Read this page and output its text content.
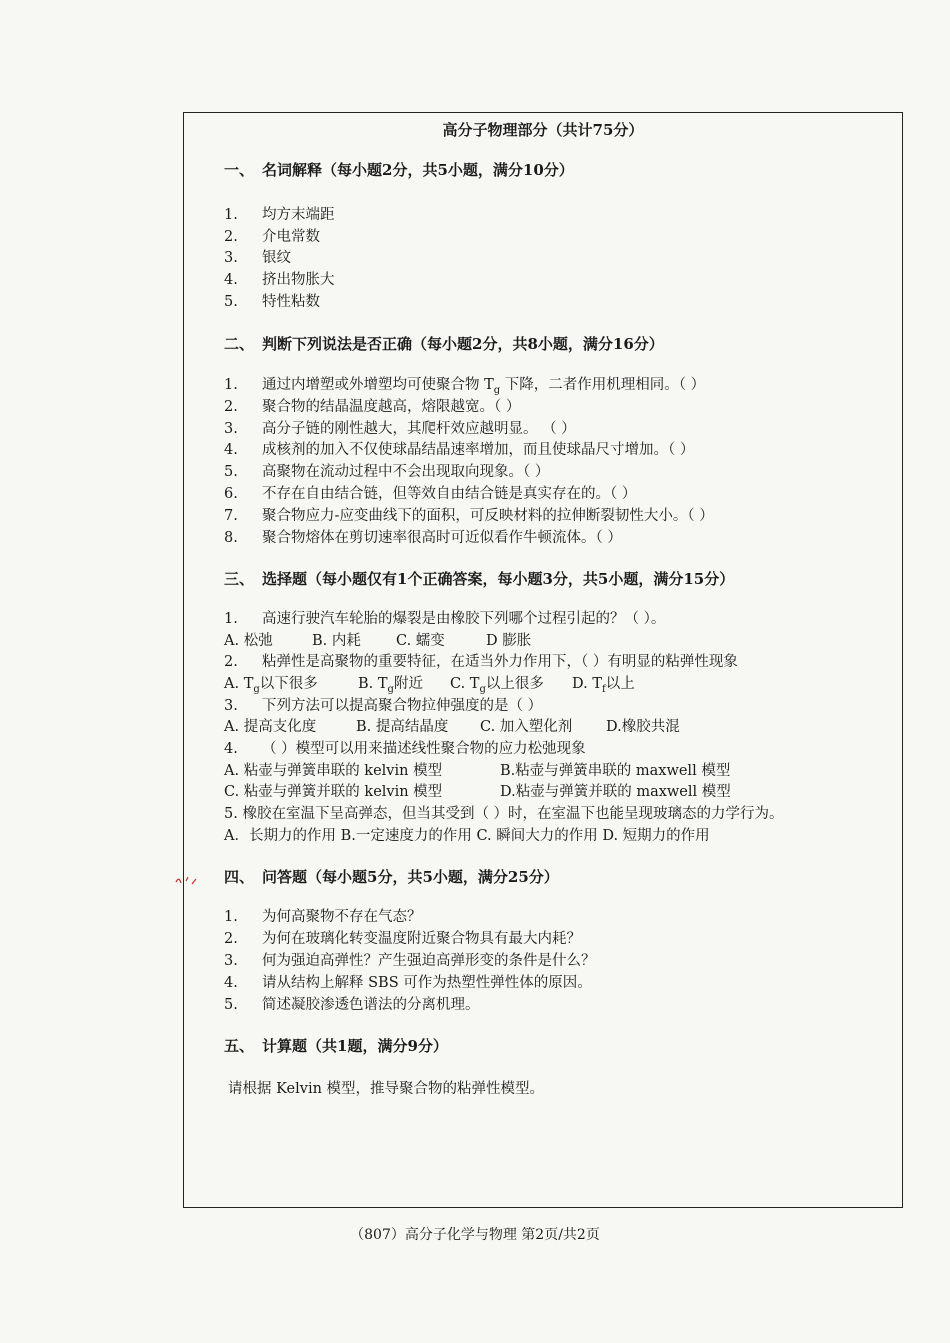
高分子物理部分（共计75分）
一、 名词解释（每小题2分，共5小题，满分10分）
1. 均方末端距
2. 介电常数
3. 银纹
4. 挤出物胀大
5. 特性粘数
二、 判断下列说法是否正确（每小题2分，共8小题，满分16分）
1. 通过内增塑或外增塑均可使聚合物 $T_g$ 下降，二者作用机理相同。（ ）
2. 聚合物的结晶温度越高，熔限越宽。（ ）
3. 高分子链的刚性越大，其爬杆效应越明显。 （ ）
4. 成核剂的加入不仅使球晶结晶速率增加，而且使球晶尺寸增加。（ ）
5. 高聚物在流动过程中不会出现取向现象。（ ）
6. 不存在自由结合链，但等效自由结合链是真实存在的。（ ）
7. 聚合物应力-应变曲线下的面积，可反映材料的拉伸断裂韧性大小。（ ）
8. 聚合物熔体在剪切速率很高时可近似看作牛顿流体。（ ）
三、 选择题（每小题仅有1个正确答案，每小题3分，共5小题，满分15分）
1. 高速行驶汽车轮胎的爆裂是由橡胶下列哪个过程引起的？（ ）。
A. 松弛	B. 内耗 C. 蠕变	D 膨胀
2. 粘弹性是高聚物的重要特征，在适当外力作用下，（ ）有明显的粘弹性现象
A. $T_g$以下很多	B. $T_g$附近 C. $T_g$以上很多 D. $T_f$以上
3. 下列方法可以提高聚合物拉伸强度的是（ ）
A. 提高支化度	B. 提高结晶度 C. 加入塑化剂 D.橡胶共混
4. （ ）模型可以用来描述线性聚合物的应力松弛现象
A. 粘壶与弹簧串联的 kelvin 模型	B.粘壶与弹簧串联的 maxwell 模型
C. 粘壶与弹簧并联的 kelvin 模型	D.粘壶与弹簧并联的 maxwell 模型
5. 橡胶在室温下呈高弹态，但当其受到（ ）时，在室温下也能呈现玻璃态的力学行为。
A．长期力的作用 B.一定速度力的作用 C. 瞬间大力的作用 D. 短期力的作用
四、 问答题（每小题5分，共5小题，满分25分）
1. 为何高聚物不存在气态？
2. 为何在玻璃化转变温度附近聚合物具有最大内耗？
3. 何为强迫高弹性？产生强迫高弹形变的条件是什么？
4. 请从结构上解释 SBS 可作为热塑性弹性体的原因。
5. 简述凝胶渗透色谱法的分离机理。
五、 计算题（共1题，满分9分）
请根据 Kelvin 模型，推导聚合物的粘弹性模型。
（807）高分子化学与物理 第2页/共2页
